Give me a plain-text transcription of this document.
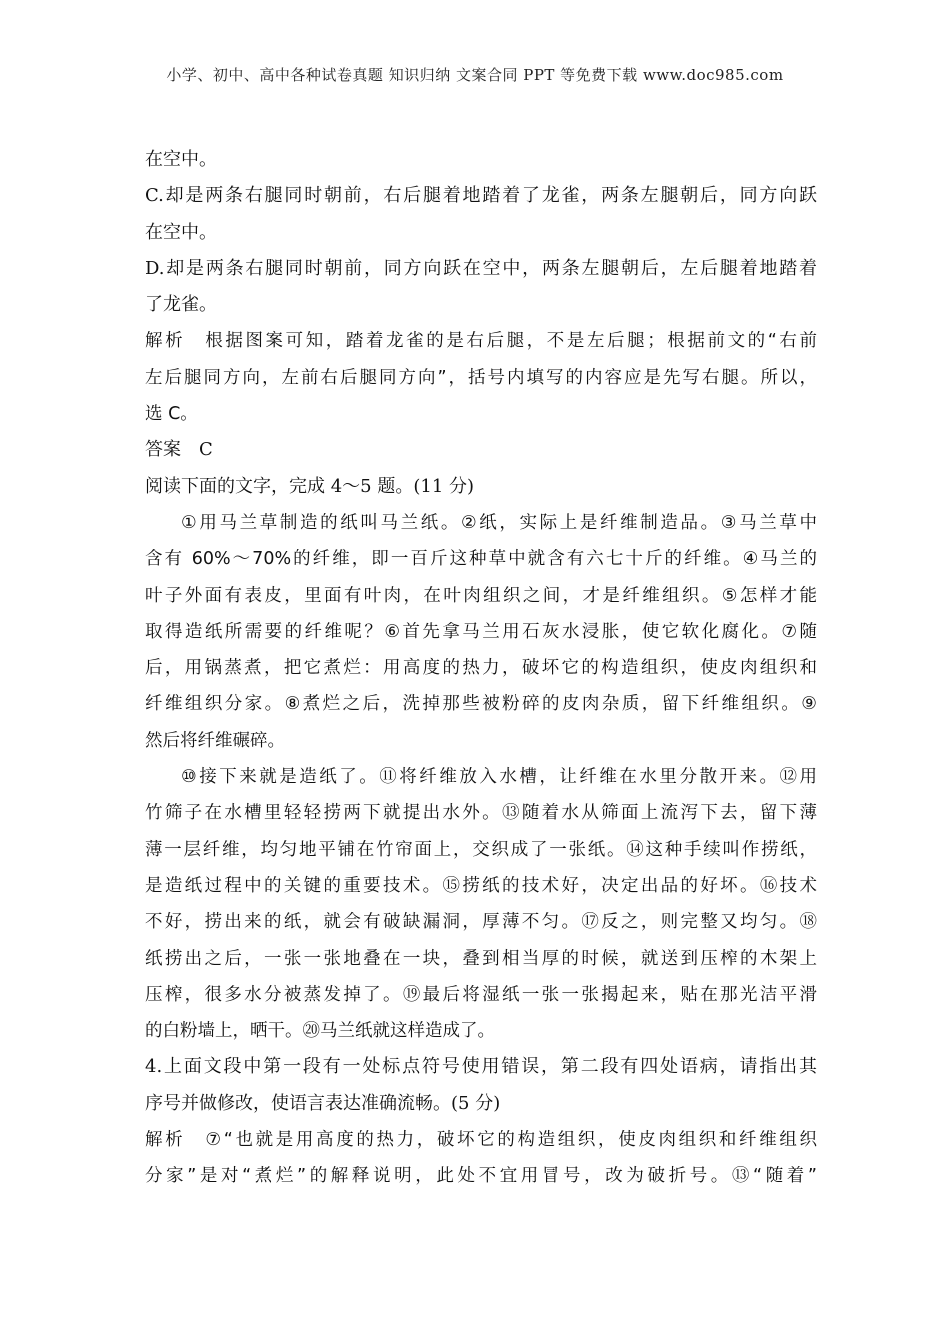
小学、初中、高中各种试卷真题 知识归纳 文案合同 PPT 等免费下载 www.doc985.com
在空中。
C.却是两条右腿同时朝前，右后腿着地踏着了龙雀，两条左腿朝后，同方向跃
在空中。
D.却是两条右腿同时朝前，同方向跃在空中，两条左腿朝后，左后腿着地踏着
了龙雀。
解析　根据图案可知，踏着龙雀的是右后腿，不是左后腿；根据前文的“右前
左后腿同方向，左前右后腿同方向”，括号内填写的内容应是先写右腿。所以，
选 C。
答案　C
阅读下面的文字，完成 4～5 题。(11 分)
①用马兰草制造的纸叫马兰纸。②纸，实际上是纤维制造品。③马兰草中
含有 60%～70%的纤维，即一百斤这种草中就含有六七十斤的纤维。④马兰的
叶子外面有表皮，里面有叶肉，在叶肉组织之间，才是纤维组织。⑤怎样才能
取得造纸所需要的纤维呢？⑥首先拿马兰用石灰水浸胀，使它软化腐化。⑦随
后，用锅蒸煮，把它煮烂：用高度的热力，破坏它的构造组织，使皮肉组织和
纤维组织分家。⑧煮烂之后，洗掉那些被粉碎的皮肉杂质，留下纤维组织。⑨
然后将纤维碾碎。
⑩接下来就是造纸了。⑪将纤维放入水槽，让纤维在水里分散开来。⑫用
竹筛子在水槽里轻轻捞两下就提出水外。⑬随着水从筛面上流泻下去，留下薄
薄一层纤维，均匀地平铺在竹帘面上，交织成了一张纸。⑭这种手续叫作捞纸，
是造纸过程中的关键的重要技术。⑮捞纸的技术好，决定出品的好坏。⑯技术
不好，捞出来的纸，就会有破缺漏洞，厚薄不匀。⑰反之，则完整又均匀。⑱
纸捞出之后，一张一张地叠在一块，叠到相当厚的时候，就送到压榨的木架上
压榨，很多水分被蒸发掉了。⑲最后将湿纸一张一张揭起来，贴在那光洁平滑
的白粉墙上，晒干。⑳马兰纸就这样造成了。
4.上面文段中第一段有一处标点符号使用错误，第二段有四处语病，请指出其
序号并做修改，使语言表达准确流畅。(5 分)
解析　⑦“也就是用高度的热力，破坏它的构造组织，使皮肉组织和纤维组织
分家”是对“煮烂”的解释说明，此处不宜用冒号，改为破折号。⑬“随着”
